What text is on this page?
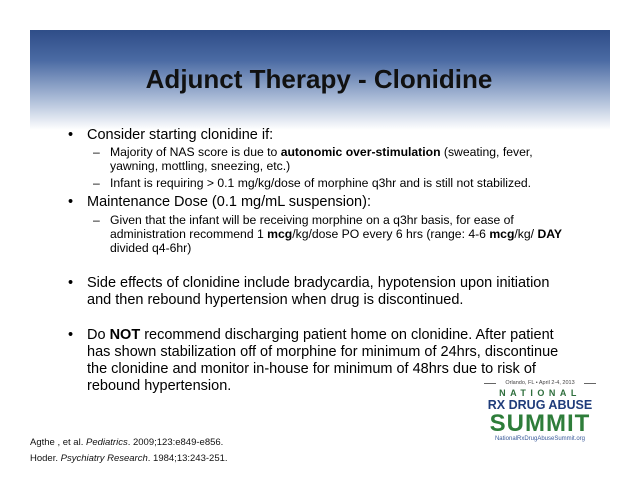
Adjunct Therapy - Clonidine
• Consider starting clonidine if:
– Majority of NAS score is due to autonomic over-stimulation (sweating, fever, yawning, mottling, sneezing, etc.)
– Infant is requiring > 0.1 mg/kg/dose of morphine q3hr and is still not stabilized.
• Maintenance Dose (0.1 mg/mL suspension):
– Given that the infant will be receiving morphine on a q3hr basis, for ease of administration recommend 1 mcg/kg/dose PO every 6 hrs (range: 4-6 mcg/kg/ DAY divided q4-6hr)
• Side effects of clonidine include bradycardia, hypotension upon initiation and then rebound hypertension when drug is discontinued.
• Do NOT recommend discharging patient home on clonidine. After patient has shown stabilization off of morphine for minimum of 24hrs, discontinue the clonidine and monitor in-house for minimum of 48hrs due to risk of rebound hypertension.
Agthe , et al. Pediatrics. 2009;123:e849-e856.
Hoder. Psychiatry Research. 1984;13:243-251.
Orlando, FL • April 2-4, 2013
NATIONAL
RX DRUG ABUSE
SUMMIT
NationalRxDrugAbuseSummit.org
